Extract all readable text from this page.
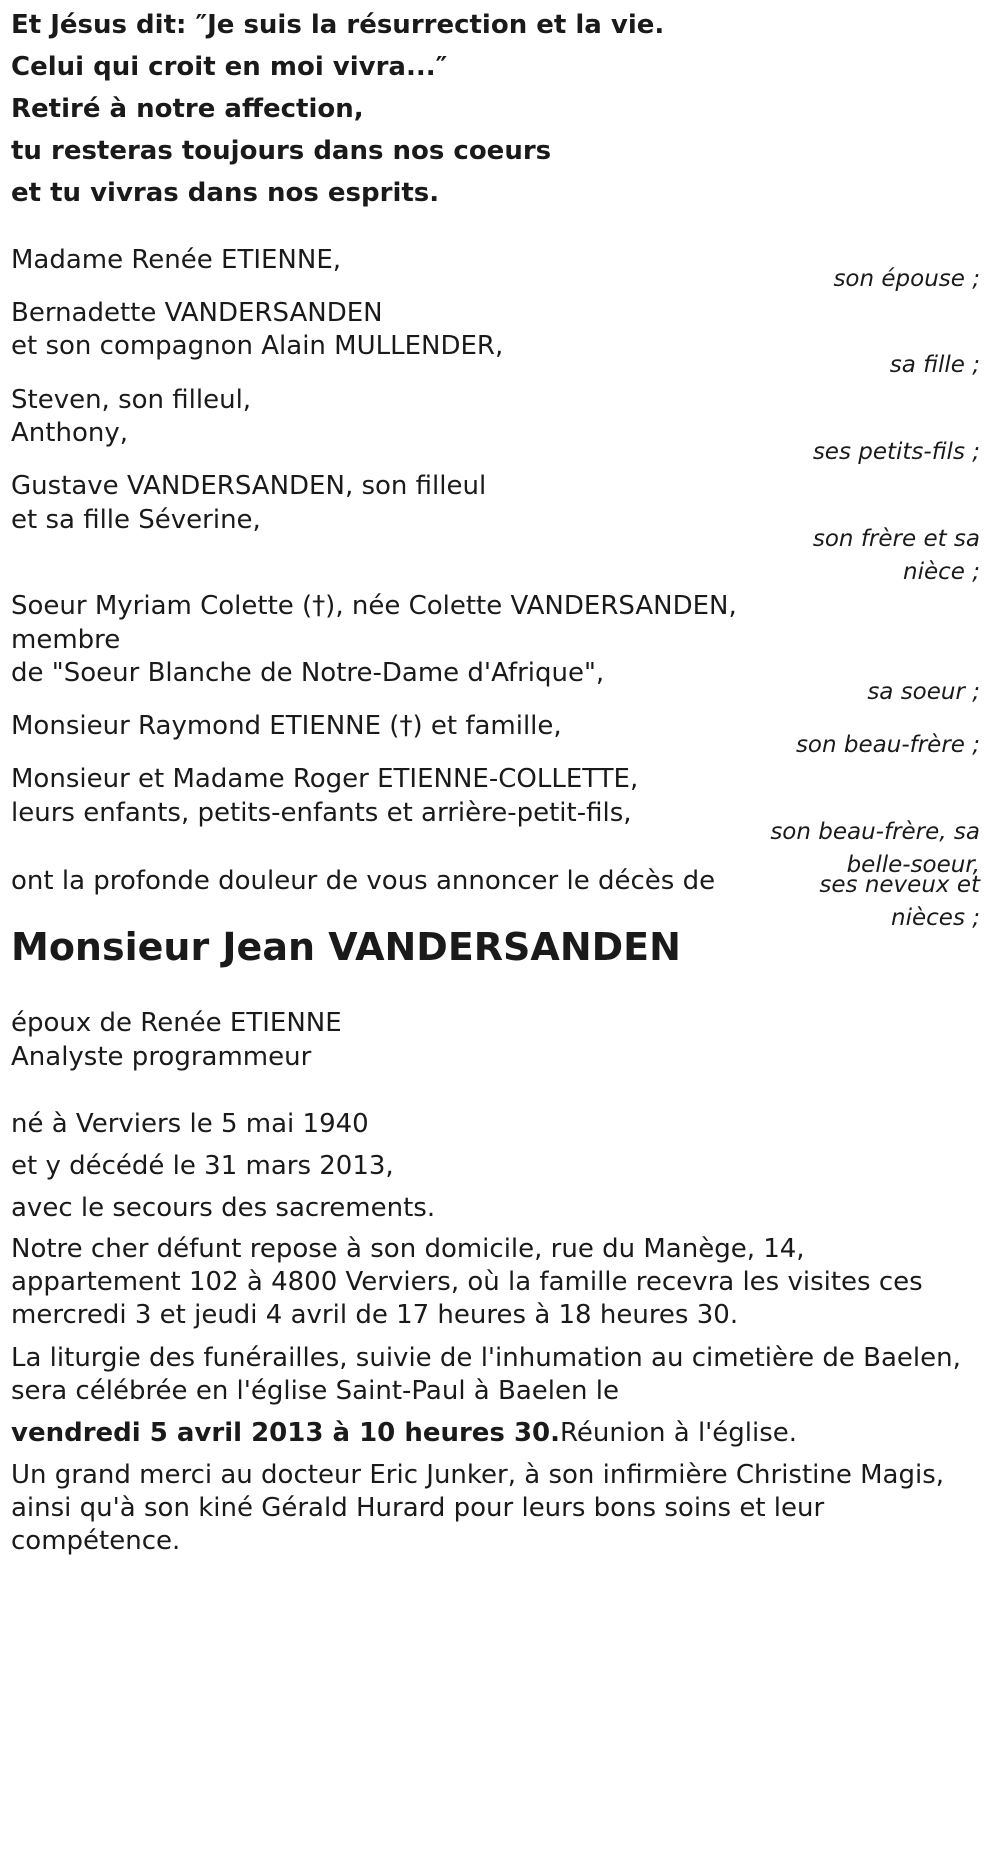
Et Jésus dit: ″Je suis la résurrection et la vie.
Celui qui croit en moi vivra...″
Retiré à notre affection,
tu resteras toujours dans nos coeurs
et tu vivras dans nos esprits.
Madame Renée ETIENNE,
son épouse ;
Bernadette VANDERSANDEN
et son compagnon Alain MULLENDER,
sa fille ;
Steven, son filleul,
Anthony,
ses petits-fils ;
Gustave VANDERSANDEN, son filleul
et sa fille Séverine,
son frère et sa
nièce ;
Soeur Myriam Colette (†), née Colette VANDERSANDEN,
membre
de "Soeur Blanche de Notre-Dame d'Afrique",
sa soeur ;
Monsieur Raymond ETIENNE (†) et famille,
son beau-frère ;
Monsieur et Madame Roger ETIENNE-COLLETTE,
leurs enfants, petits-enfants et arrière-petit-fils,
son beau-frère, sa
belle-soeur,
ses neveux et
nièces ;
ont la profonde douleur de vous annoncer le décès de
Monsieur Jean VANDERSANDEN
époux de Renée ETIENNE
Analyste programmeur
né à Verviers le 5 mai 1940
et y décédé le 31 mars 2013,
avec le secours des sacrements.
Notre cher défunt repose à son domicile, rue du Manège, 14,
appartement 102 à 4800 Verviers, où la famille recevra les visites ces
mercredi 3 et jeudi 4 avril de 17 heures à 18 heures 30.
La liturgie des funérailles, suivie de l'inhumation au cimetière de Baelen,
sera célébrée en l'église Saint-Paul à Baelen le
vendredi 5 avril 2013 à 10 heures 30.Réunion à l'église.
Un grand merci au docteur Eric Junker, à son infirmière Christine Magis,
ainsi qu'à son kiné Gérald Hurard pour leurs bons soins et leur
compétence.
